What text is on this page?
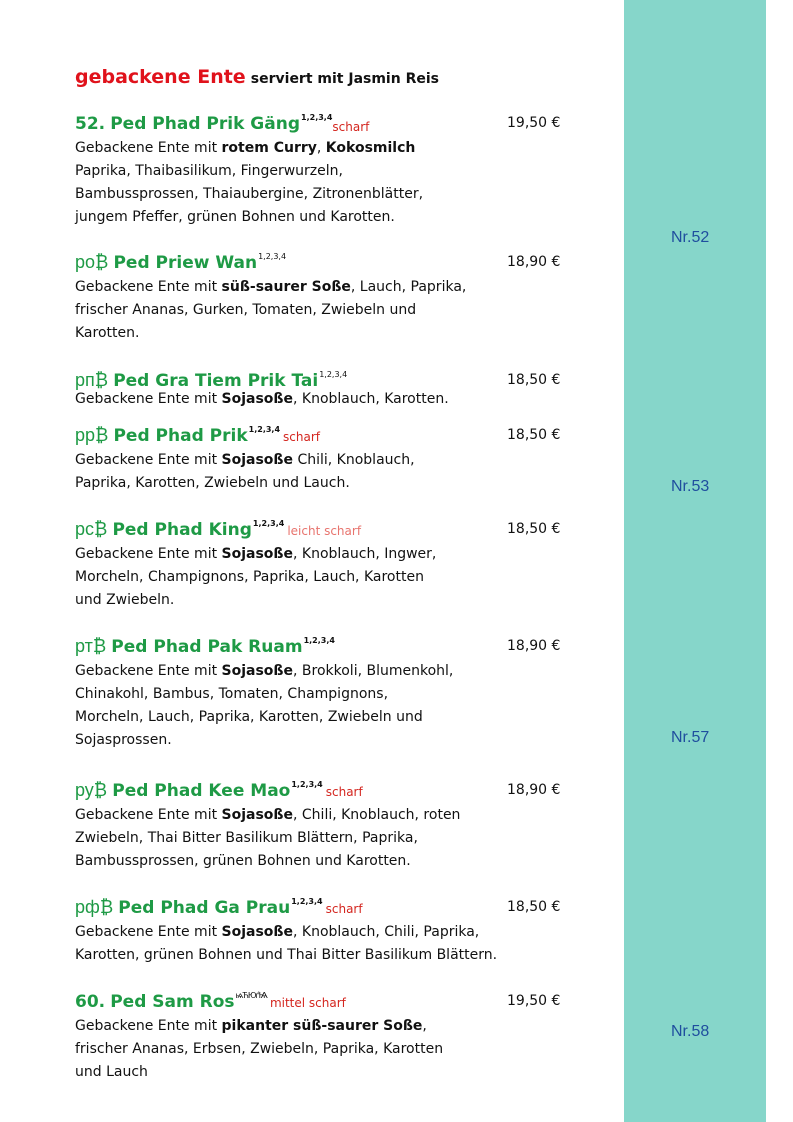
Nr.52
Nr.53
Nr.57
Nr.58
gebackene Ente serviert mit Jasmin Reis
52. Ped Phad Prik Gäng$^{1,2,3,4}$scharf	19,50 €
Gebackene Ente mit rotem Curry, Kokosmilch
Paprika, Thaibasilikum, Fingerwurzeln,
Bambussprossen, Thaiaubergine, Zitronenblätter,
jungem Pfeffer, grünen Bohnen und Karotten.
ро₿ Ped Priew Wan$^{1,2,3,4}$	18,90 €
Gebackene Ente mit süß-saurer Soße, Lauch, Paprika,
frischer Ananas, Gurken, Tomaten, Zwiebeln und
Karotten.
рп₿ Ped Gra Tiem Prik Tai$^{1,2,3,4}$	18,50 €
Gebackene Ente mit Sojasoße, Knoblauch, Karotten.
рр₿ Ped Phad Prik$^{1,2,3,4}$scharf	18,50 €
Gebackene Ente mit Sojasoße Chili, Knoblauch,
Paprika, Karotten, Zwiebeln und Lauch.
рс₿ Ped Phad King$^{1,2,3,4}$leicht scharf	18,50 €
Gebackene Ente mit Sojasoße, Knoblauch, Ingwer,
Morcheln, Champignons, Paprika, Lauch, Karotten
und Zwiebeln.
рт₿ Ped Phad Pak Ruam$^{1,2,3,4}$	18,90 €
Gebackene Ente mit Sojasoße, Brokkoli, Blumenkohl,
Chinakohl, Bambus, Tomaten, Champignons,
Morcheln, Lauch, Paprika, Karotten, Zwiebeln und
Sojasprossen.
ру₿ Ped Phad Kee Mao$^{1,2,3,4}$scharf	18,90 €
Gebackene Ente mit Sojasoße, Chili, Knoblauch, roten
Zwiebeln, Thai Bitter Basilikum Blättern, Paprika,
Bambussprossen, grünen Bohnen und Karotten.
рф₿ Ped Phad Ga Prau$^{1,2,3,4}$scharf	18,50 €
Gebackene Ente mit Sojasoße, Knoblauch, Chili, Paprika,
Karotten, grünen Bohnen und Thai Bitter Basilikum Blättern.
60. Ped Sam Ros$^{ѩЋЮѓѨ}$mittel scharf	19,50 €
Gebackene Ente mit pikanter süß-saurer Soße,
frischer Ananas, Erbsen, Zwiebeln, Paprika, Karotten
und Lauch
